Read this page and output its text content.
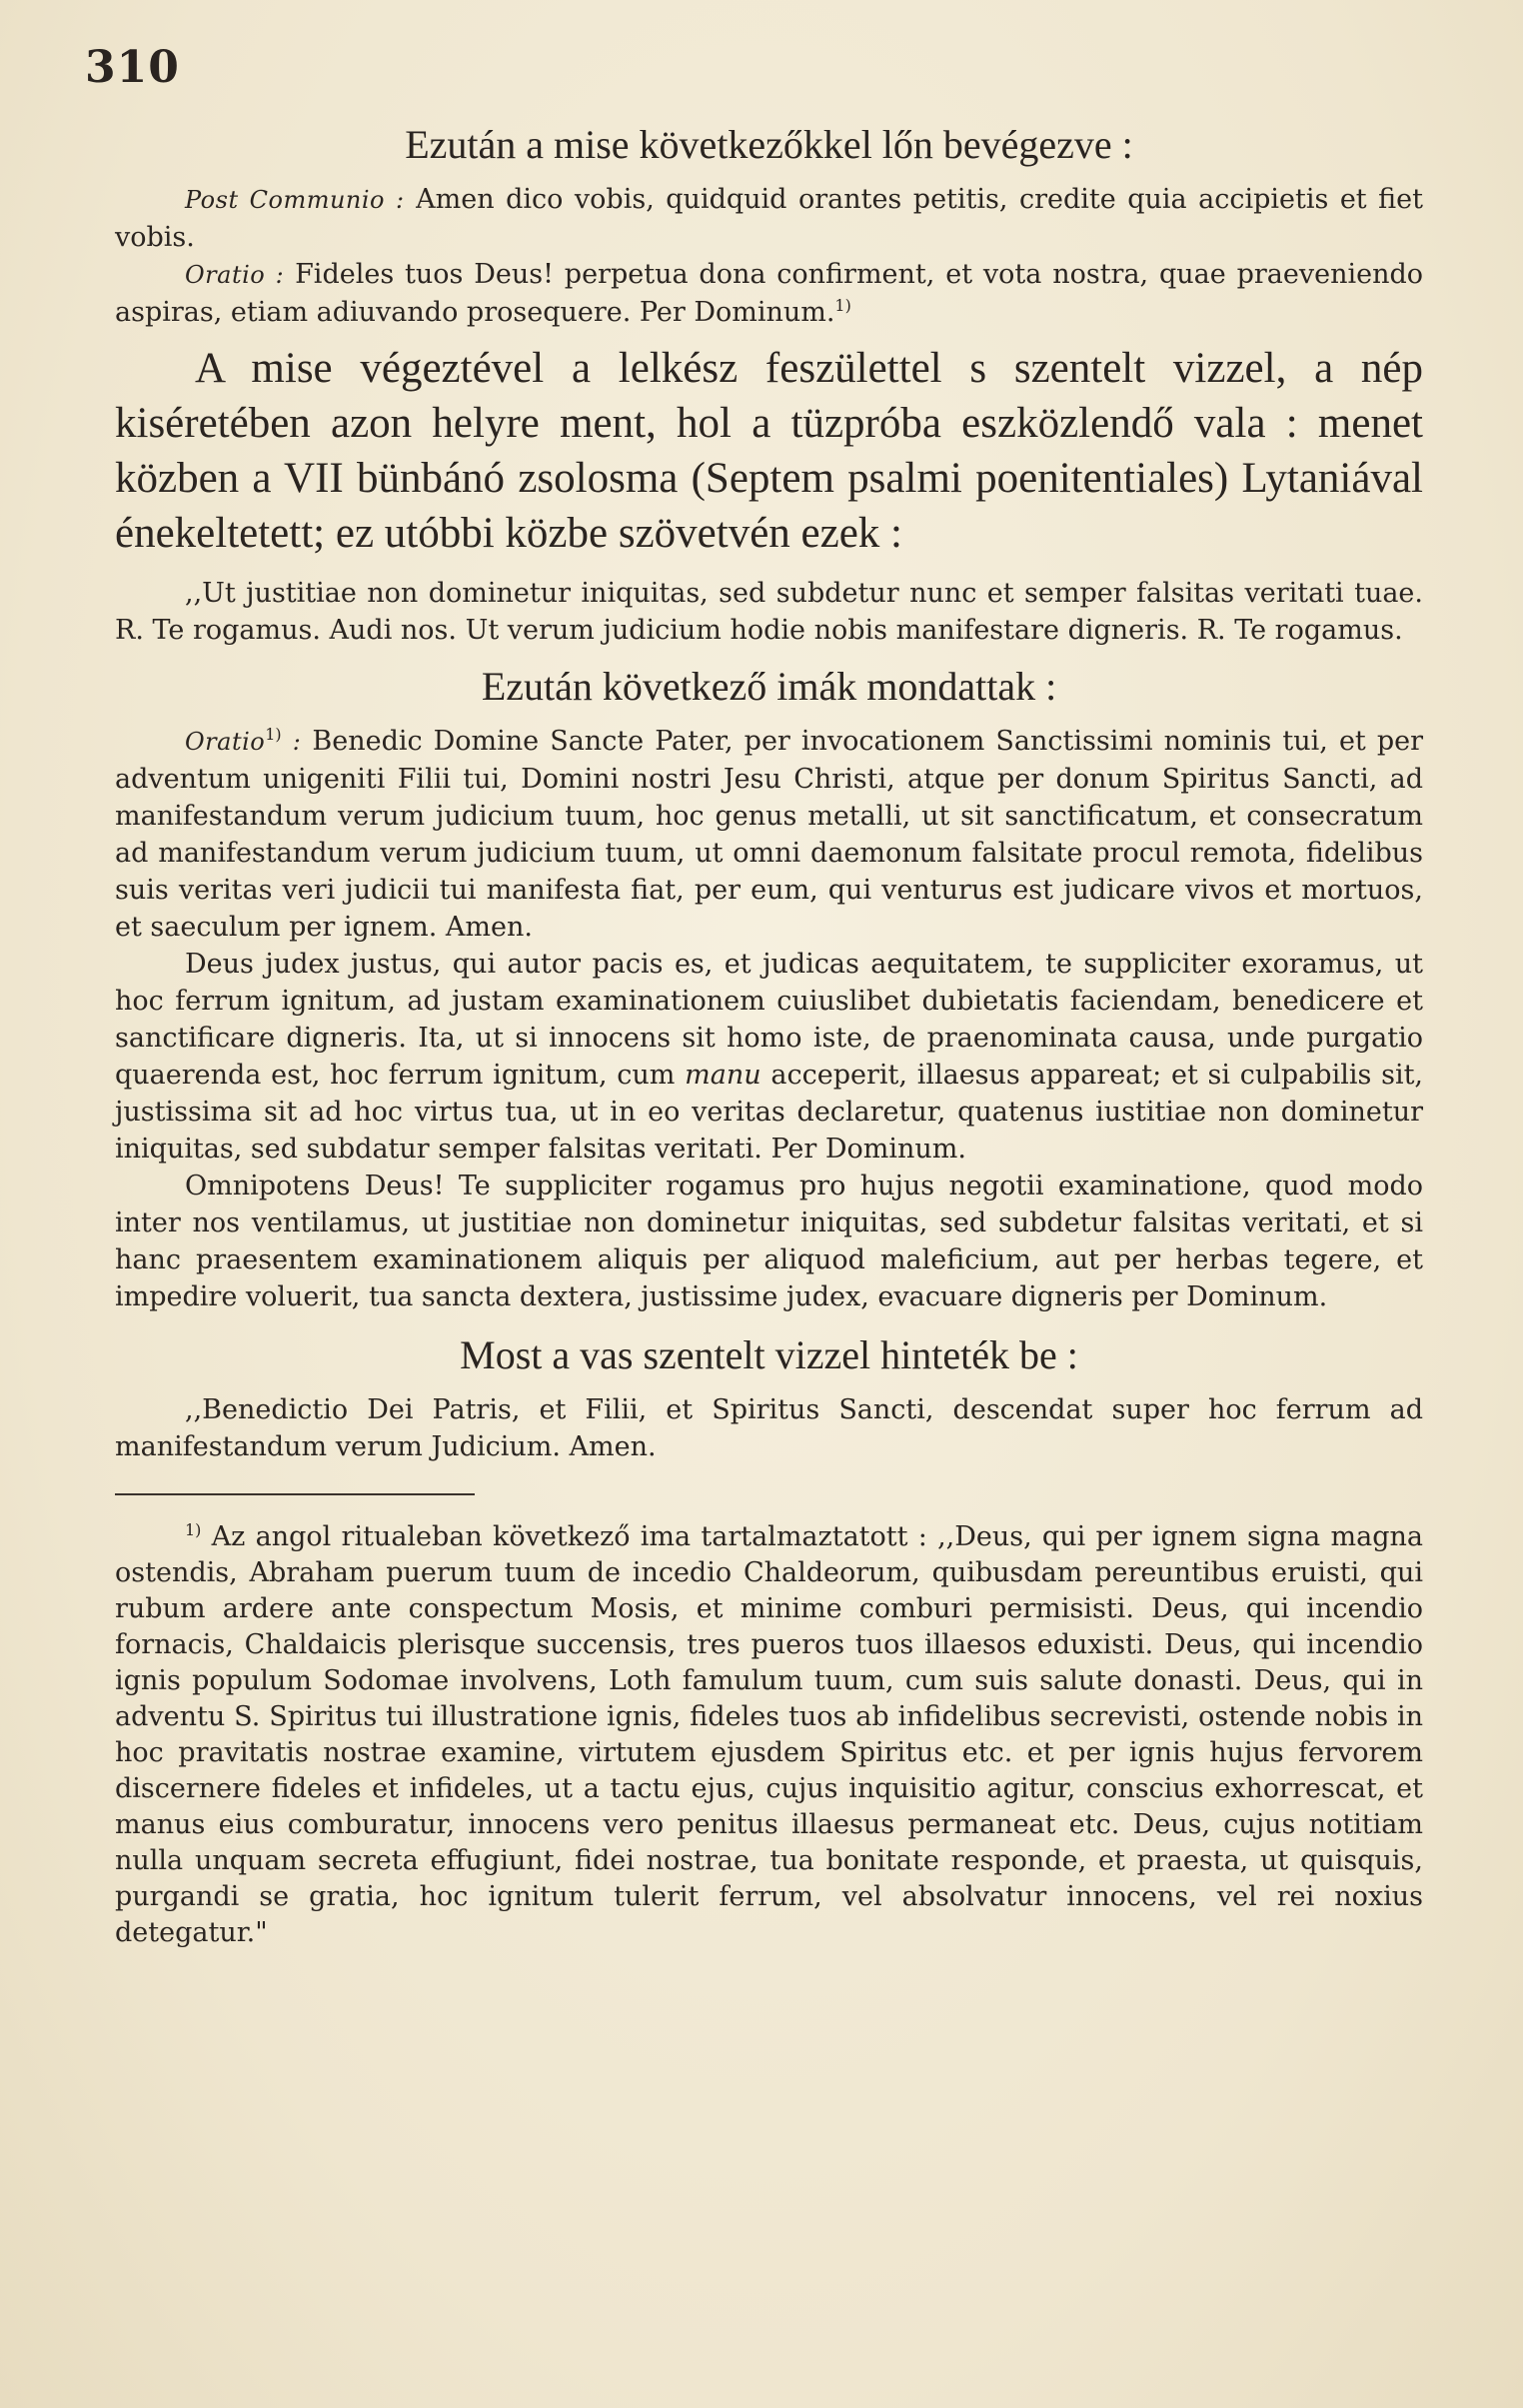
310

Ezután a mise következőkkel lőn bevégezve :

Post Communio : Amen dico vobis, quidquid orantes petitis, credite quia accipietis et fiet vobis.

Oratio : Fideles tuos Deus! perpetua dona confirment, et vota nostra, quae praeveniendo aspiras, etiam adiuvando prosequere. Per Dominum.$^{1)}$

A mise végeztével a lelkész feszülettel s szentelt vizzel, a nép kiséretében azon helyre ment, hol a tüzpróba eszközlendő vala : menet közben a VII bünbánó zsolosma (Septem psalmi poenitentiales) Lytaniával énekeltetett; ez utóbbi közbe szövetvén ezek :

,,Ut justitiae non dominetur iniquitas, sed subdetur nunc et semper falsitas veritati tuae. R. Te rogamus. Audi nos. Ut verum judicium hodie nobis manifestare digneris. R. Te rogamus.

Ezután következő imák mondattak :

Oratio$^{1)}$ : Benedic Domine Sancte Pater, per invocationem Sanctissimi nominis tui, et per adventum unigeniti Filii tui, Domini nostri Jesu Christi, atque per donum Spiritus Sancti, ad manifestandum verum judicium tuum, hoc genus metalli, ut sit sanctificatum, et consecratum ad manifestandum verum judicium tuum, ut omni daemonum falsitate procul remota, fidelibus suis veritas veri judicii tui manifesta fiat, per eum, qui venturus est judicare vivos et mortuos, et saeculum per ignem. Amen.

Deus judex justus, qui autor pacis es, et judicas aequitatem, te suppliciter exoramus, ut hoc ferrum ignitum, ad justam examinationem cuiuslibet dubietatis faciendam, benedicere et sanctificare digneris. Ita, ut si innocens sit homo iste, de praenominata causa, unde purgatio quaerenda est, hoc ferrum ignitum, cum manu acceperit, illaesus appareat; et si culpabilis sit, justissima sit ad hoc virtus tua, ut in eo veritas declaretur, quatenus iustitiae non dominetur iniquitas, sed subdatur semper falsitas veritati. Per Dominum.

Omnipotens Deus! Te suppliciter rogamus pro hujus negotii examinatione, quod modo inter nos ventilamus, ut justitiae non dominetur iniquitas, sed subdetur falsitas veritati, et si hanc praesentem examinationem aliquis per aliquod maleficium, aut per herbas tegere, et impedire voluerit, tua sancta dextera, justissime judex, evacuare digneris per Dominum.

Most a vas szentelt vizzel hinteték be :

,,Benedictio Dei Patris, et Filii, et Spiritus Sancti, descendat super hoc ferrum ad manifestandum verum Judicium. Amen.

$^{1)}$ Az angol ritualeban következő ima tartalmaztatott : ,,Deus, qui per ignem signa magna ostendis, Abraham puerum tuum de incedio Chaldeorum, quibusdam pereuntibus eruisti, qui rubum ardere ante conspectum Mosis, et minime comburi permisisti. Deus, qui incendio fornacis, Chaldaicis plerisque succensis, tres pueros tuos illaesos eduxisti. Deus, qui incendio ignis populum Sodomae involvens, Loth famulum tuum, cum suis salute donasti. Deus, qui in adventu S. Spiritus tui illustratione ignis, fideles tuos ab infidelibus secrevisti, ostende nobis in hoc pravitatis nostrae examine, virtutem ejusdem Spiritus etc. et per ignis hujus fervorem discernere fideles et infideles, ut a tactu ejus, cujus inquisitio agitur, conscius exhorrescat, et manus eius comburatur, innocens vero penitus illaesus permaneat etc. Deus, cujus notitiam nulla unquam secreta effugiunt, fidei nostrae, tua bonitate responde, et praesta, ut quisquis, purgandi se gratia, hoc ignitum tulerit ferrum, vel absolvatur innocens, vel rei noxius detegatur."
